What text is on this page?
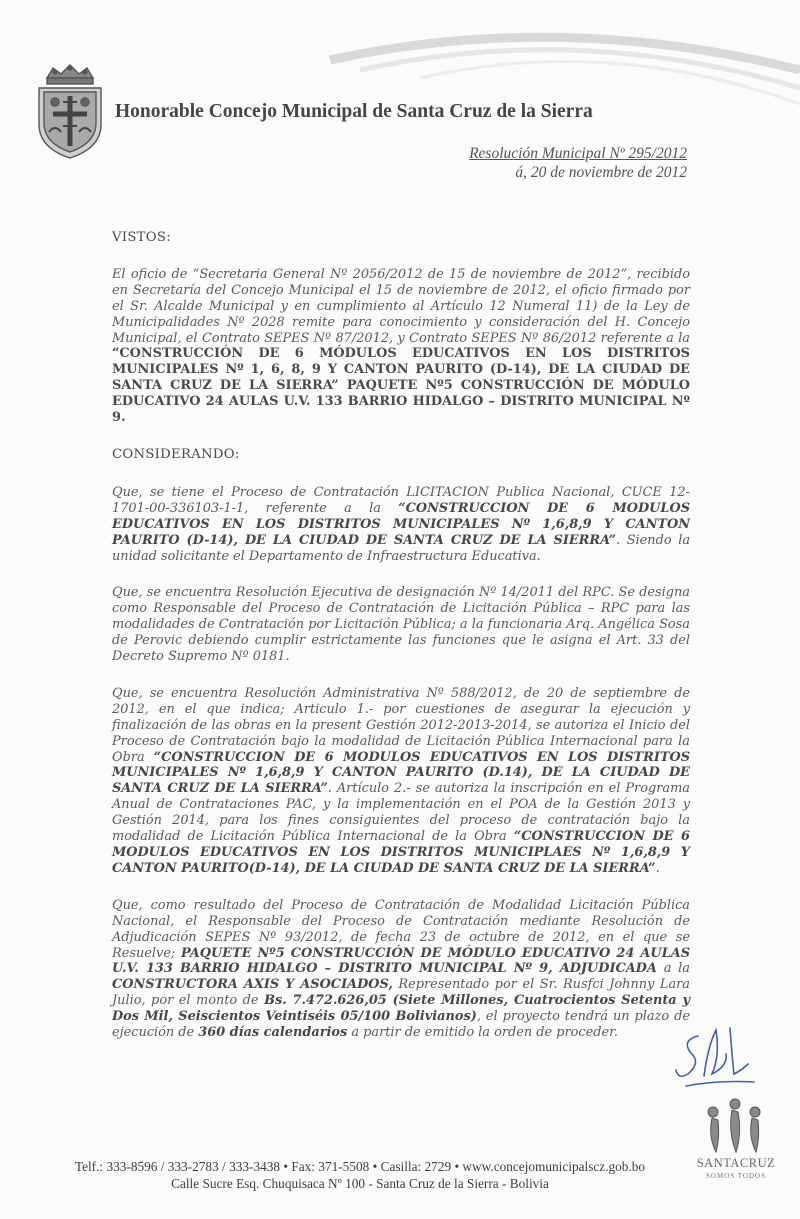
Honorable Concejo Municipal de Santa Cruz de la Sierra
Resolución Municipal Nº 295/2012
á, 20 de noviembre de 2012
VISTOS:

El oficio de “Secretaria General Nº 2056/2012 de 15 de noviembre de 2012”, recibido en Secretaría del Concejo Municipal el 15 de noviembre de 2012, el oficio firmado por el Sr. Alcalde Municipal y en cumplimiento al Artículo 12 Numeral 11) de la Ley de Municipalidades Nº 2028 remite para conocimiento y consideración del H. Concejo Municipal, el Contrato SEPES Nº 87/2012, y Contrato SEPES Nº 86/2012 referente a la “CONSTRUCCIÓN DE 6 MÓDULOS EDUCATIVOS EN LOS DISTRITOS MUNICIPALES Nº 1, 6, 8, 9 Y CANTON PAURITO (D-14), DE LA CIUDAD DE SANTA CRUZ DE LA SIERRA” PAQUETE Nº5 CONSTRUCCIÓN DE MÓDULO EDUCATIVO 24 AULAS U.V. 133 BARRIO HIDALGO – DISTRITO MUNICIPAL Nº 9.

CONSIDERANDO:

Que, se tiene el Proceso de Contratación LICITACION Publica Nacional, CUCE 12-1701-00-336103-1-1, referente a la “CONSTRUCCION DE 6 MODULOS EDUCATIVOS EN LOS DISTRITOS MUNICIPALES Nº 1,6,8,9 Y CANTON PAURITO (D-14), DE LA CIUDAD DE SANTA CRUZ DE LA SIERRA”. Siendo la unidad solicitante el Departamento de Infraestructura Educativa.

Que, se encuentra Resolución Ejecutiva de designación Nº 14/2011 del RPC. Se designa como Responsable del Proceso de Contratación de Licitación Pública – RPC para las modalidades de Contratación por Licitación Pública; a la funcionaria Arq. Angélica Sosa de Perovic debiendo cumplir estrictamente las funciones que le asigna el Art. 33 del Decreto Supremo Nº 0181.

Que, se encuentra Resolución Administrativa Nº 588/2012, de 20 de septiembre de 2012, en el que indica; Articulo 1.- por cuestiones de asegurar la ejecución y finalización de las obras en la present Gestión 2012-2013-2014, se autoriza el Inicio del Proceso de Contratación bajo la modalidad de Licitación Pública Internacional para la Obra “CONSTRUCCION DE 6 MODULOS EDUCATIVOS EN LOS DISTRITOS MUNICIPALES Nº 1,6,8,9 Y CANTON PAURITO (D.14), DE LA CIUDAD DE SANTA CRUZ DE LA SIERRA”. Artículo 2.- se autoriza la inscripción en el Programa Anual de Contrataciones PAC, y la implementación en el POA de la Gestión 2013 y Gestión 2014, para los fines consiguientes del proceso de contratación bajo la modalidad de Licitación Pública Internacional de la Obra “CONSTRUCCION DE 6 MODULOS EDUCATIVOS EN LOS DISTRITOS MUNICIPLAES Nº 1,6,8,9 Y CANTON PAURITO(D-14), DE LA CIUDAD DE SANTA CRUZ DE LA SIERRA”.

Que, como resultado del Proceso de Contratación de Modalidad Licitación Pública Nacional, el Responsable del Proceso de Contratación mediante Resolución de Adjudicación SEPES Nº 93/2012, de fecha 23 de octubre de 2012, en el que se Resuelve; PAQUETE Nº5 CONSTRUCCIÓN DE MÓDULO EDUCATIVO 24 AULAS U.V. 133 BARRIO HIDALGO – DISTRITO MUNICIPAL Nº 9, ADJUDICADA a la CONSTRUCTORA AXIS Y ASOCIADOS, Representado por el Sr. Rusfci Johnny Lara Julio, por el monto de Bs. 7.472.626,05 (Siete Millones, Cuatrocientos Setenta y Dos Mil, Seiscientos Veintiséis 05/100 Bolivianos), el proyecto tendrá un plazo de ejecución de 360 días calendarios a partir de emitido la orden de proceder.

SANTACRUZ
SOMOS TODOS
Telf.: 333-8596 / 333-2783 / 333-3438 • Fax: 371-5508 • Casilla: 2729 • www.concejomunicipalscz.gob.bo
Calle Sucre Esq. Chuquisaca Nº 100 - Santa Cruz de la Sierra - Bolivia
